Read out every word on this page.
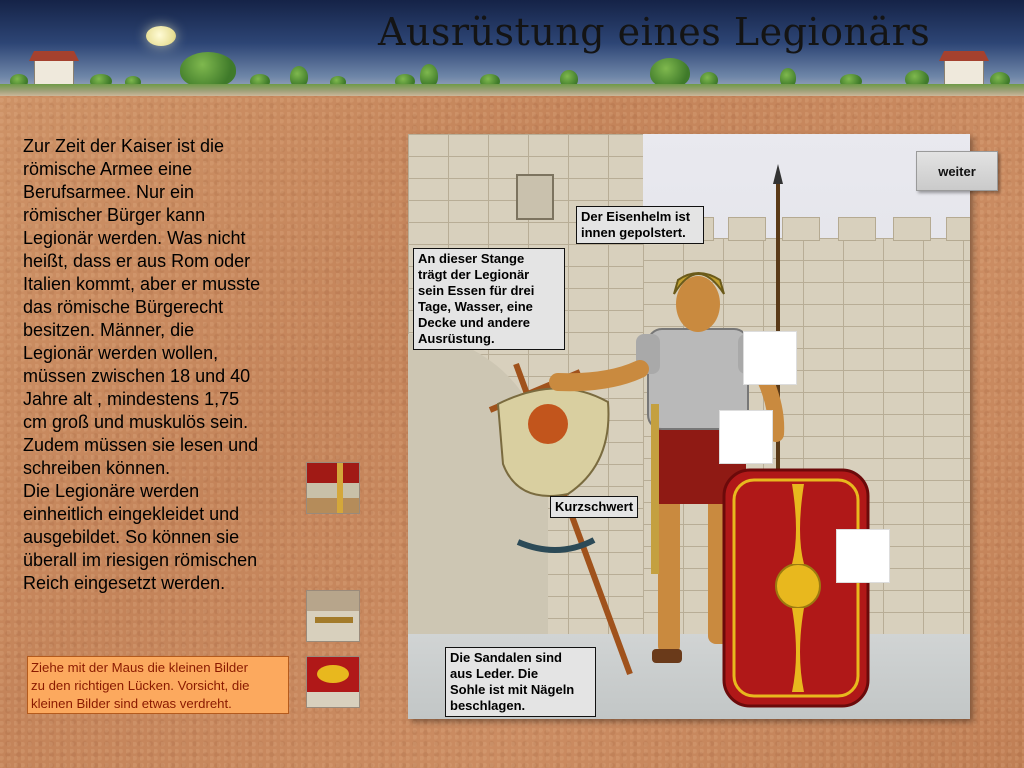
Ausrüstung eines Legionärs

Zur Zeit der Kaiser ist die

römische Armee eine

Berufsarmee. Nur ein

römischer Bürger kann

Legionär werden. Was nicht

heißt, dass er aus Rom oder

Italien kommt, aber er musste

das römische Bürgerecht

besitzen. Männer, die

Legionär werden wollen,

müssen zwischen 18 und 40

Jahre alt , mindestens 1,75

cm groß und muskulös sein.

Zudem müssen sie lesen und

schreiben können.

Die Legionäre werden

einheitlich eingekleidet und

ausgebildet. So können sie

überall im riesigen römischen

Reich eingesetzt werden.

Der Eisenhelm ist
innen gepolstert.
An dieser Stange
trägt der Legionär
sein Essen für drei
Tage, Wasser, eine
Decke und andere
Ausrüstung.
Kurzschwert
Die Sandalen sind
aus Leder. Die
Sohle ist mit Nägeln
beschlagen.
weiter
Ziehe mit der Maus die kleinen Bilder
zu den richtigen Lücken. Vorsicht, die
kleinen Bilder sind etwas verdreht.
